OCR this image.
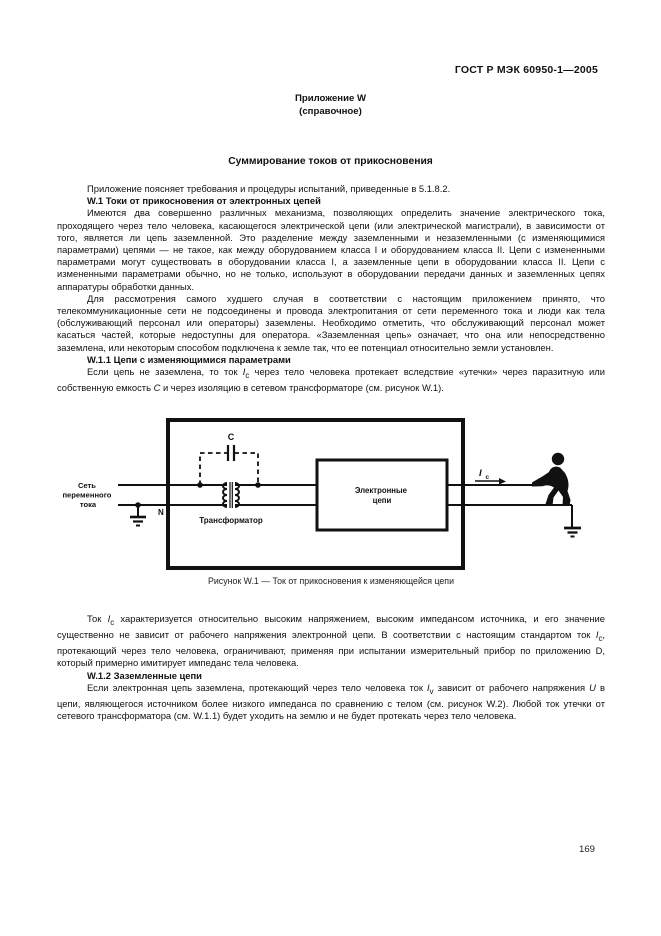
ГОСТ Р МЭК 60950-1—2005
Приложение W
(справочное)
Суммирование токов от прикосновения

Приложение поясняет требования и процедуры испытаний, приведенные в 5.1.8.2.

W.1 Токи от прикосновения от электронных цепей

Имеются два совершенно различных механизма, позволяющих определить значение электрического тока, проходящего через тело человека, касающегося электрической цепи (или электрической магистрали), в зависимости от того, является ли цепь заземленной. Это разделение между заземленными и незаземленными (с изменяющимися параметрами) цепями — не такое, как между оборудованием класса I и оборудованием класса II. Цепи с измененными параметрами могут существовать в оборудовании класса I, а заземленные цепи в оборудовании класса II. Цепи с измененными параметрами обычно, но не только, используют в оборудовании передачи данных и заземленных цепях аппаратуры обработки данных.

Для рассмотрения самого худшего случая в соответствии с настоящим приложением принято, что телекоммуникационные сети не подсоединены и провода электропитания от сети переменного тока и люди как тела (обслуживающий персонал или операторы) заземлены. Необходимо отметить, что обслуживающий персонал может касаться частей, которые недоступны для оператора. «Заземленная цепь» означает, что она или непосредственно заземлена, или некоторым способом подключена к земле так, что ее потенциал относительно земли установлен.

W.1.1 Цепи с изменяющимися параметрами

Если цепь не заземлена, то ток $I_c$ через тело человека протекает вследствие «утечки» через паразитную или собственную емкость С и через изоляцию в сетевом трансформаторе (см. рисунок W.1).

Сеть переменного тока
N
C
Трансформатор
Электронные цепи
I c
Рисунок W.1 — Ток от прикосновения к изменяющейся цепи

Ток $I_c$ характеризуется относительно высоким напряжением, высоким импедансом источника, и его значение существенно не зависит от рабочего напряжения электронной цепи. В соответствии с настоящим стандартом ток $I_c$, протекающий через тело человека, ограничивают, применяя при испытании измерительный прибор по приложению D, который примерно имитирует импеданс тела человека.

W.1.2 Заземленные цепи

Если электронная цепь заземлена, протекающий через тело человека ток $I_v$ зависит от рабочего напряжения U в цепи, являющегося источником более низкого импеданса по сравнению с телом (см. рисунок W.2). Любой ток утечки от сетевого трансформатора (см. W.1.1) будет уходить на землю и не будет протекать через тело человека.

169
